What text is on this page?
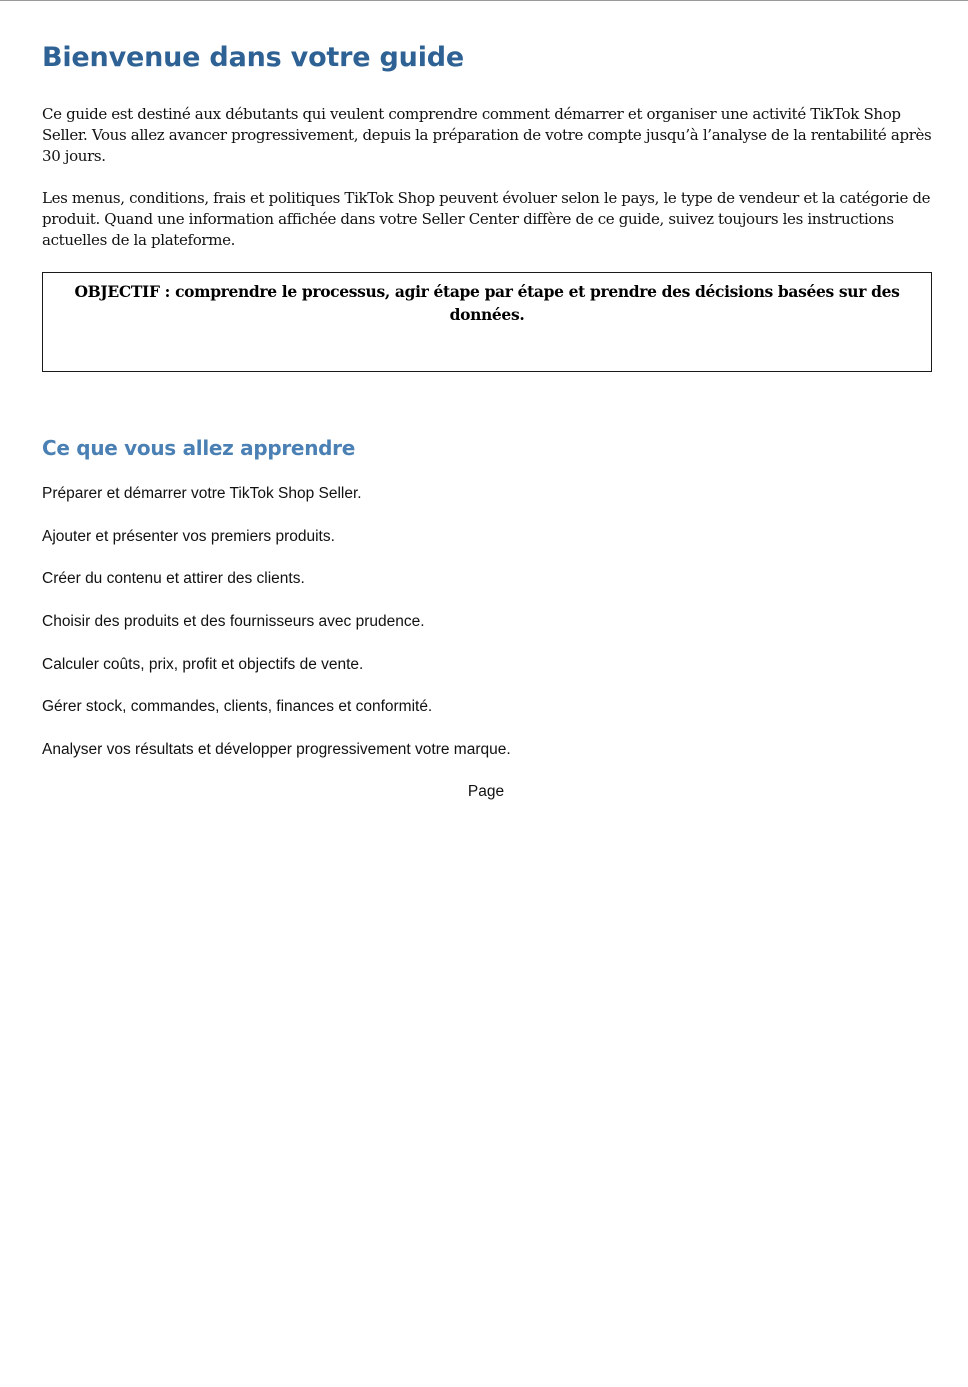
Bienvenue dans votre guide

Ce guide est destiné aux débutants qui veulent comprendre comment démarrer et organiser une activité TikTok Shop Seller. Vous allez avancer progressivement, depuis la préparation de votre compte jusqu’à l’analyse de la rentabilité après 30 jours.

Les menus, conditions, frais et politiques TikTok Shop peuvent évoluer selon le pays, le type de vendeur et la catégorie de produit. Quand une information affichée dans votre Seller Center diffère de ce guide, suivez toujours les instructions actuelles de la plateforme.

OBJECTIF : comprendre le processus, agir étape par étape et prendre des décisions basées sur des données.

Ce que vous allez apprendre
Préparer et démarrer votre TikTok Shop Seller.
Ajouter et présenter vos premiers produits.
Créer du contenu et attirer des clients.
Choisir des produits et des fournisseurs avec prudence.
Calculer coûts, prix, profit et objectifs de vente.
Gérer stock, commandes, clients, finances et conformité.
Analyser vos résultats et développer progressivement votre marque.
Page
